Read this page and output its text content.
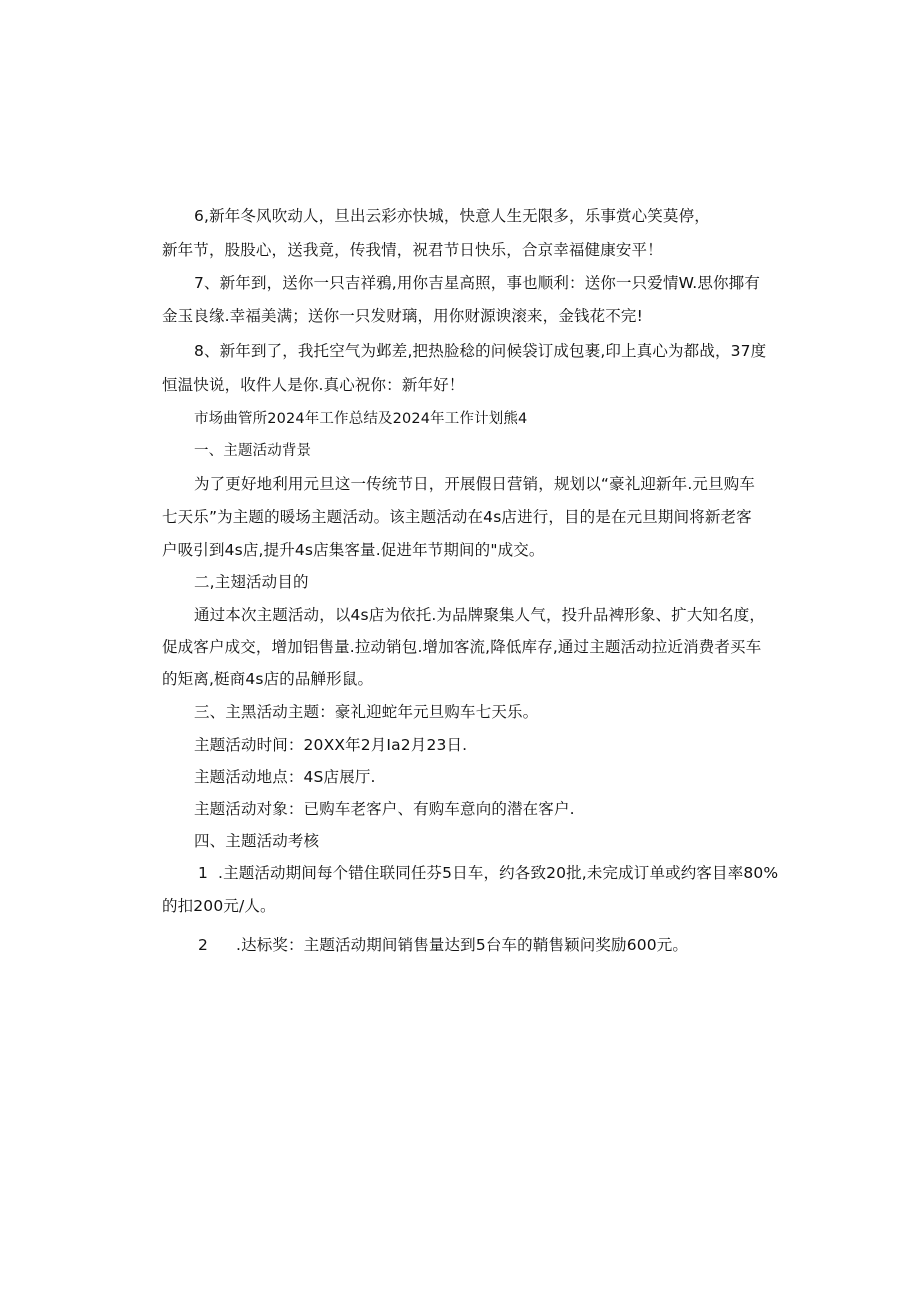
6,新年冬风吹动人，旦出云彩亦快城，快意人生无限多，乐事赏心笑莫停，
新年节，股股心，送我竟，传我情，祝君节日快乐，合京幸福健康安平！
7、新年到，送你一只吉祥鴉,用你吉星高照，事也顺利：送你一只爱情W.思你揶有
金玉良缘.幸福美满；送你一只发财璃，用你财源谀滚来，金钱花不完!
8、新年到了，我托空气为邺差,把热脸稔的问候袋订成包裹,印上真心为都战，37度
恒温快说，收件人是你.真心祝你：新年好！
市场曲管所2024年工作总结及2024年工作计划熊4
一、主题活动背景
为了更好地利用元旦这一传统节日，开展假日营销，规划以“豪礼迎新年.元旦购车
七天乐”为主题的暖场主题活动。该主题活动在4s店进行，目的是在元旦期间将新老客
户吸引到4s店,提升4s店集客量.促进年节期间的"成交。
二,主翅活动目的
通过本次主题活动，以4s店为依托.为品牌聚集人气，投升品裨形象、扩大知名度，
促成客户成交，增加铝售量.拉动销包.增加客流,降低库存,通过主题活动拉近消费者买车
的矩离,梃商4s店的品觯形鼠。
三、主黑活动主题：豪礼迎蛇年元旦购车七天乐。
主题活动时间：20XX年2月Ia2月23日.
主题活动地点：4S店展厅.
主题活动对象：已购车老客户、有购车意向的潜在客户.
四、主题活动考核
1 .主题活动期间每个错住联同任芬5日车，约各致20批,未完成订单或约客目率80%
的扣200元/人。
2 .达标奖：主题活动期间销售量达到5台车的鞘售颖问奖励600元。
